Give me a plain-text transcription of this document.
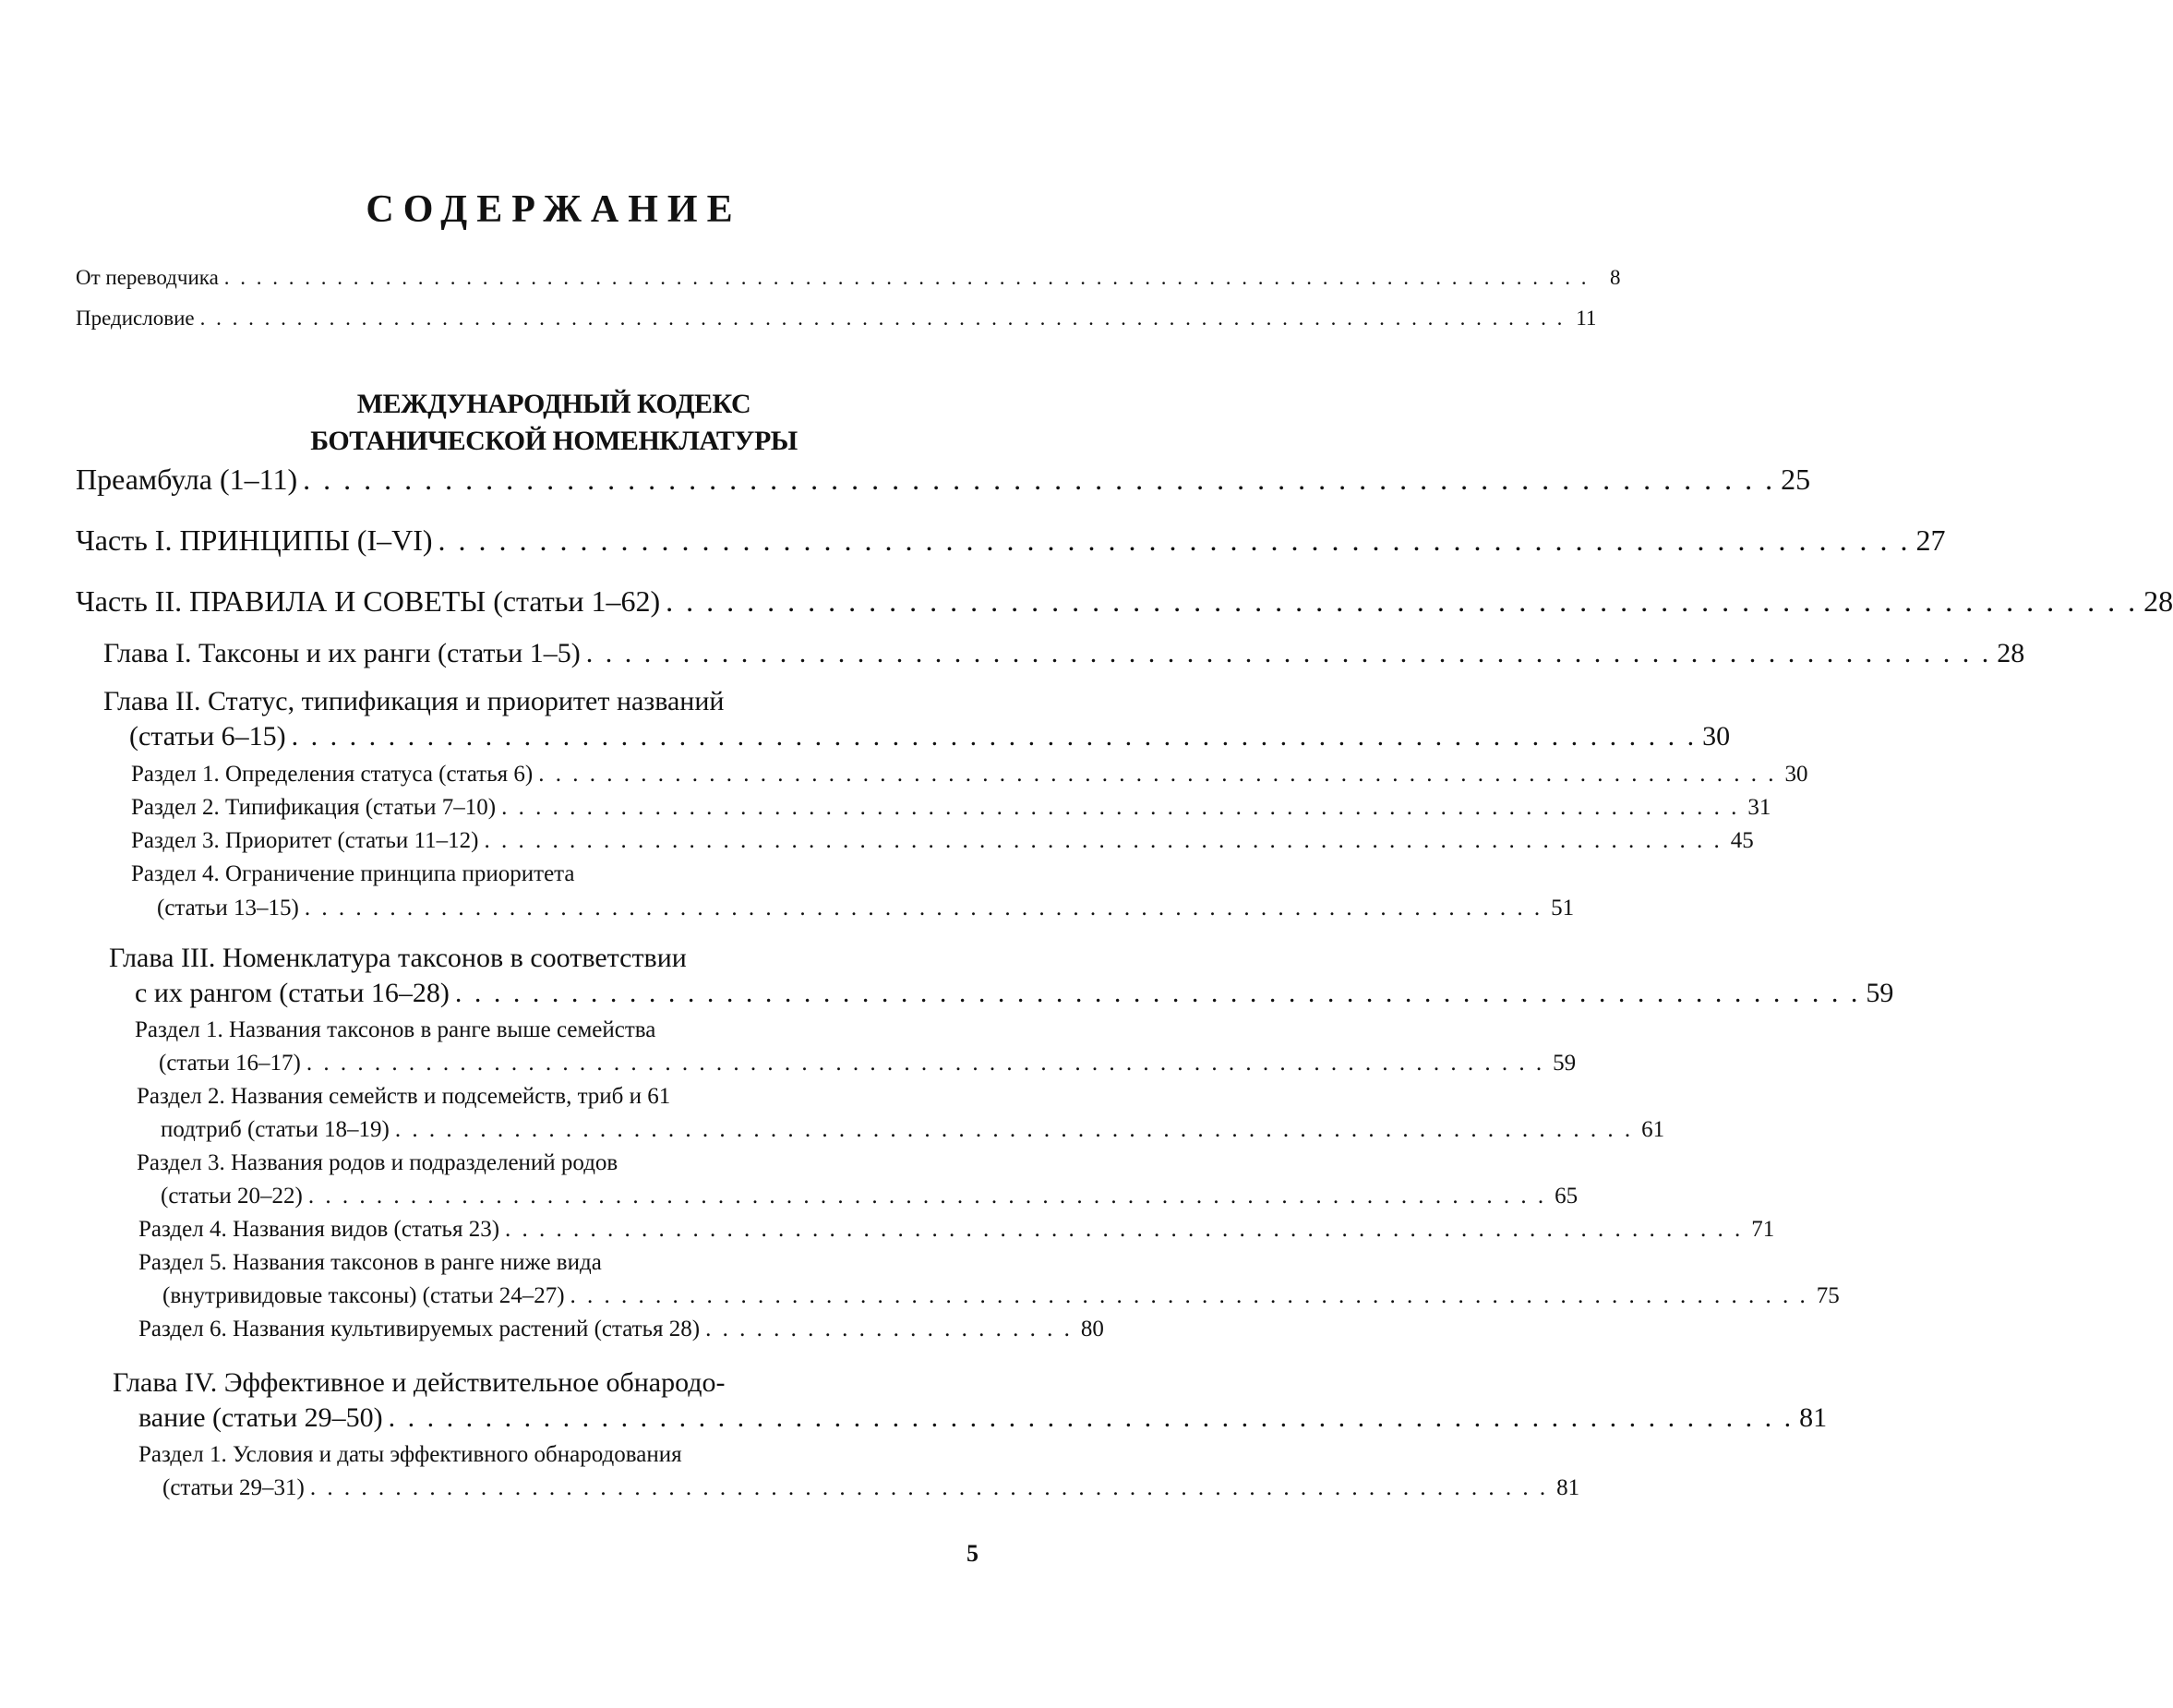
СОДЕРЖАНИЕ
От переводчика . . . . . . . . . . . . . . . . . . . . . . . . . . . . . . . . . . . . . . . . . . . . . . . . . . . . . . . . . . . . . . . . . . . . . . . . . . . . . . . . . . . . . 8
Предисловие . . . . . . . . . . . . . . . . . . . . . . . . . . . . . . . . . . . . . . . . . . . . . . . . . . . . . . . . . . . . . . . . . . . . . . . . . . . . . . . . . . . . . 11
МЕЖДУНАРОДНЫЙ КОДЕКС
БОТАНИЧЕСКОЙ НОМЕНКЛАТУРЫ
Преамбула (1–11) . . . . . . . . . . . . . . . . . . . . . . . . . . . . . . . . . . . . . . . . . . . . . . . . . . . . . . . . . . . . . . . . . . . . . . . . . 25
Часть I. ПРИНЦИПЫ (I–VI) . . . . . . . . . . . . . . . . . . . . . . . . . . . . . . . . . . . . . . . . . . . . . . . . . . . . . . . . . . . . . . . . . . . . . . . . . 27
Часть II. ПРАВИЛА И СОВЕТЫ (статьи 1–62) . . . . . . . . . . . . . . . . . . . . . . . . . . . . . . . . . . . . . . . . . . . . . . . . . . . . . . . . . . . . . . . . . . . . . . . . . 28
Глава I. Таксоны и их ранги (статьи 1–5) . . . . . . . . . . . . . . . . . . . . . . . . . . . . . . . . . . . . . . . . . . . . . . . . . . . . . . . . . . . . . . . . . . . . . . . . . 28
Глава II. Статус, типификация и приоритет названий
(статьи 6–15) . . . . . . . . . . . . . . . . . . . . . . . . . . . . . . . . . . . . . . . . . . . . . . . . . . . . . . . . . . . . . . . . . . . . . . . . . 30
Раздел 1. Определения статуса (статья 6) . . . . . . . . . . . . . . . . . . . . . . . . . . . . . . . . . . . . . . . . . . . . . . . . . . . . . . . . . . . . . . . . . . . . . . . . . 30
Раздел 2. Типификация (статьи 7–10) . . . . . . . . . . . . . . . . . . . . . . . . . . . . . . . . . . . . . . . . . . . . . . . . . . . . . . . . . . . . . . . . . . . . . . . . . 31
Раздел 3. Приоритет (статьи 11–12) . . . . . . . . . . . . . . . . . . . . . . . . . . . . . . . . . . . . . . . . . . . . . . . . . . . . . . . . . . . . . . . . . . . . . . . . . 45
Раздел 4. Ограничение принципа приоритета
(статьи 13–15) . . . . . . . . . . . . . . . . . . . . . . . . . . . . . . . . . . . . . . . . . . . . . . . . . . . . . . . . . . . . . . . . . . . . . . . . . 51
Глава III. Номенклатура таксонов в соответствии
с их рангом (статьи 16–28) . . . . . . . . . . . . . . . . . . . . . . . . . . . . . . . . . . . . . . . . . . . . . . . . . . . . . . . . . . . . . . . . . . . . . . . . . 59
Раздел 1. Названия таксонов в ранге выше семейства
(статьи 16–17) . . . . . . . . . . . . . . . . . . . . . . . . . . . . . . . . . . . . . . . . . . . . . . . . . . . . . . . . . . . . . . . . . . . . . . . . . 59
Раздел 2. Названия семейств и подсемейств, триб и 61
подтриб (статьи 18–19) . . . . . . . . . . . . . . . . . . . . . . . . . . . . . . . . . . . . . . . . . . . . . . . . . . . . . . . . . . . . . . . . . . . . . . . . . 61
Раздел 3. Названия родов и подразделений родов
(статьи 20–22) . . . . . . . . . . . . . . . . . . . . . . . . . . . . . . . . . . . . . . . . . . . . . . . . . . . . . . . . . . . . . . . . . . . . . . . . . 65
Раздел 4. Названия видов (статья 23) . . . . . . . . . . . . . . . . . . . . . . . . . . . . . . . . . . . . . . . . . . . . . . . . . . . . . . . . . . . . . . . . . . . . . . . . . 71
Раздел 5. Названия таксонов в ранге ниже вида
(внутривидовые таксоны) (статьи 24–27) . . . . . . . . . . . . . . . . . . . . . . . . . . . . . . . . . . . . . . . . . . . . . . . . . . . . . . . . . . . . . . . . . . . . . . . . . 75
Раздел 6. Названия культивируемых растений (статья 28) . . . . . . . . . . . . . . . . . . . . . . 80
Глава IV. Эффективное и действительное обнародо-
вание (статьи 29–50) . . . . . . . . . . . . . . . . . . . . . . . . . . . . . . . . . . . . . . . . . . . . . . . . . . . . . . . . . . . . . . . . . . . . . . . . . 81
Раздел 1. Условия и даты эффективного обнародования
(статьи 29–31) . . . . . . . . . . . . . . . . . . . . . . . . . . . . . . . . . . . . . . . . . . . . . . . . . . . . . . . . . . . . . . . . . . . . . . . . . 81
5
